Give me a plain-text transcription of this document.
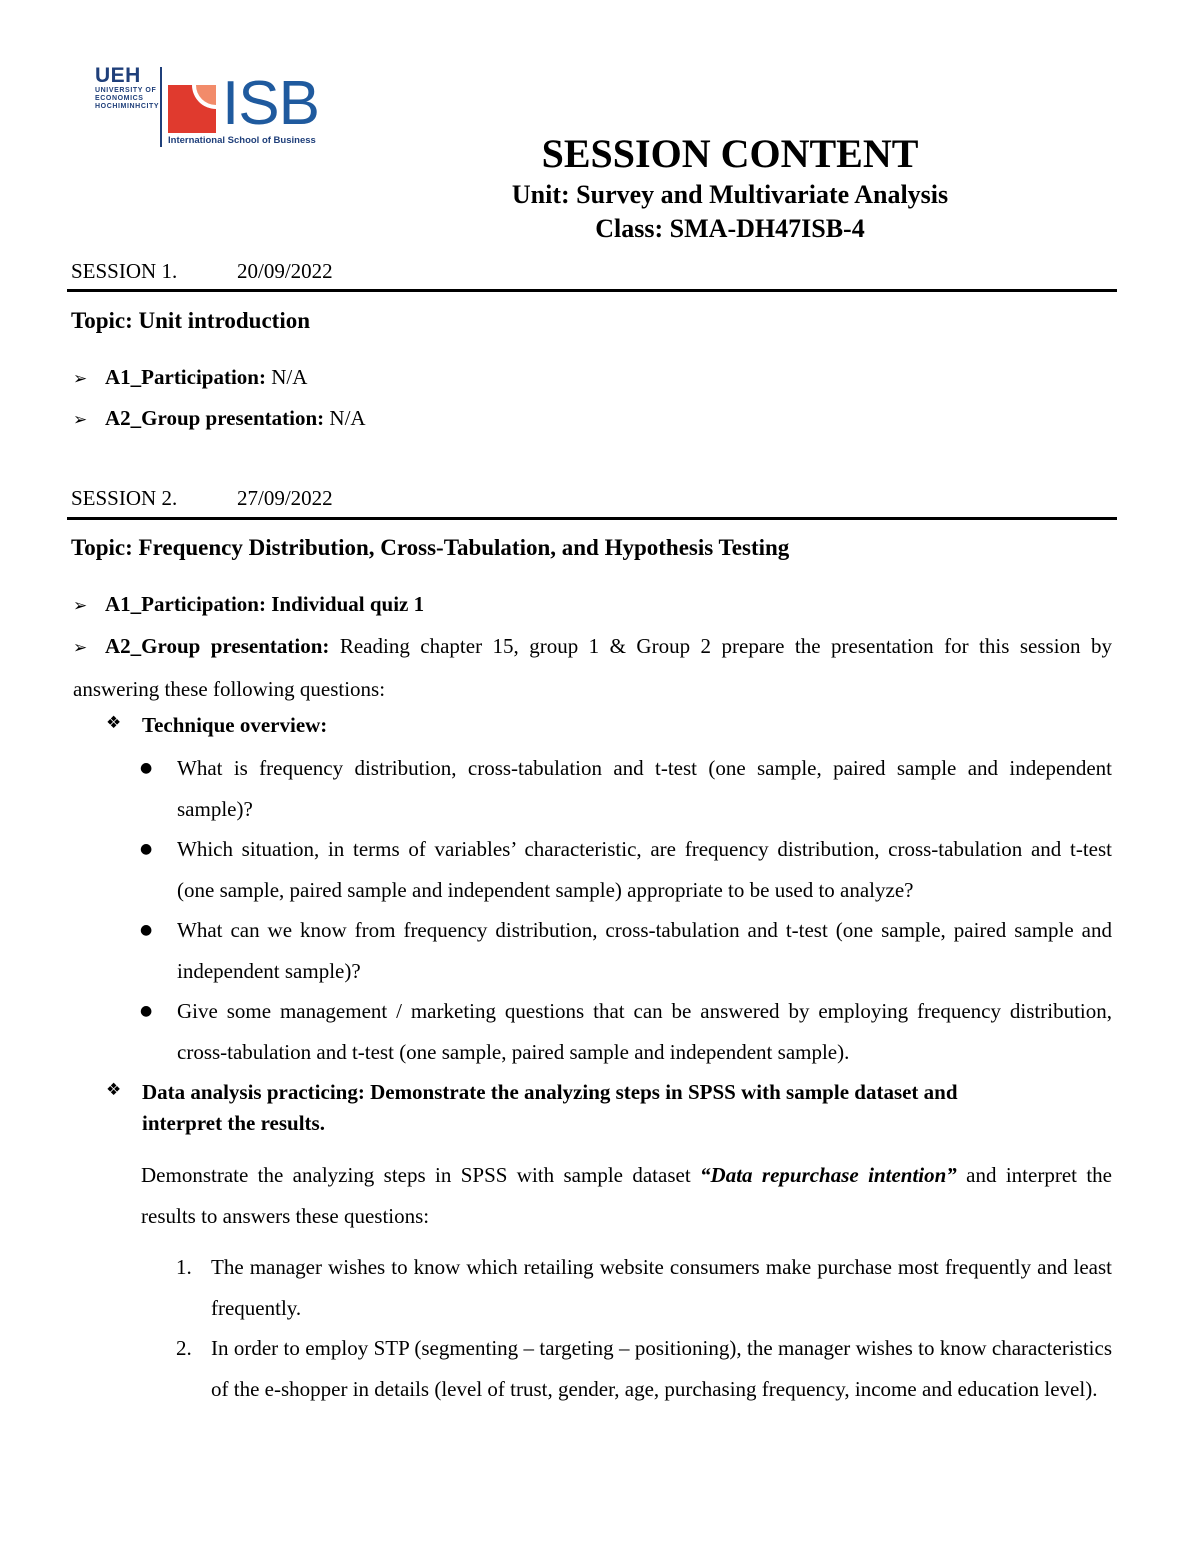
UEH
UNIVERSITY OF
ECONOMICS
HOCHIMINHCITY ISB
International School of Business	SESSION CONTENT
Unit: Survey and Multivariate Analysis
Class: SMA-DH47ISB-4
SESSION 1.	20/09/2022
Topic: Unit introduction
➢ A1_Participation: N/A
➢ A2_Group presentation: N/A
SESSION 2.	27/09/2022
Topic: Frequency Distribution, Cross-Tabulation, and Hypothesis Testing
➢ A1_Participation: Individual quiz 1
➢ A2_Group presentation: Reading chapter 15, group 1 & Group 2 prepare the presentation for this session by answering these following questions:
❖ Technique overview:
● What is frequency distribution, cross-tabulation and t-test (one sample, paired sample and independent sample)?
● Which situation, in terms of variables’ characteristic, are frequency distribution, cross-tabulation and t-test (one sample, paired sample and independent sample) appropriate to be used to analyze?
● What can we know from frequency distribution, cross-tabulation and t-test (one sample, paired sample and independent sample)?
● Give some management / marketing questions that can be answered by employing frequency distribution, cross-tabulation and t-test (one sample, paired sample and independent sample).
❖ Data analysis practicing: Demonstrate the analyzing steps in SPSS with sample dataset and
interpret the results.
Demonstrate the analyzing steps in SPSS with sample dataset “Data repurchase intention” and interpret the results to answers these questions:
1. The manager wishes to know which retailing website consumers make purchase most frequently and least frequently.
2. In order to employ STP (segmenting – targeting – positioning), the manager wishes to know characteristics of the e-shopper in details (level of trust, gender, age, purchasing frequency, income and education level).
